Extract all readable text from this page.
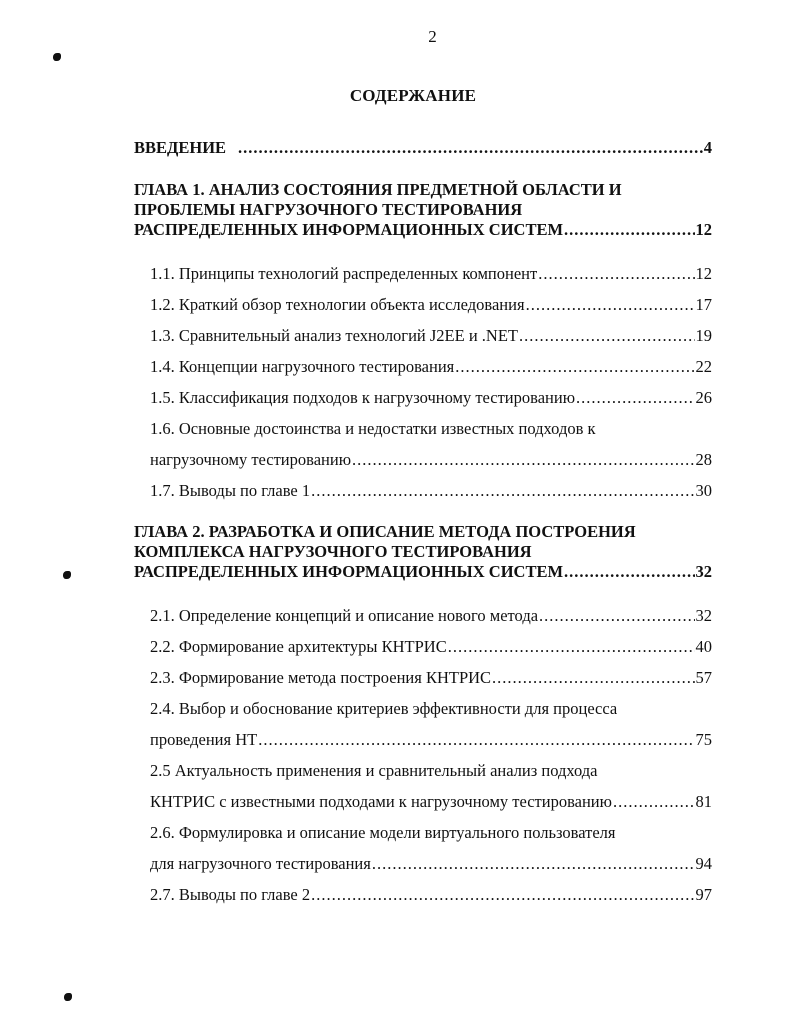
2
СОДЕРЖАНИЕ
ВВЕДЕНИЕ .....	4
ГЛАВА 1. АНАЛИЗ СОСТОЯНИЯ ПРЕДМЕТНОЙ ОБЛАСТИ И
ПРОБЛЕМЫ НАГРУЗОЧНОГО ТЕСТИРОВАНИЯ
РАСПРЕДЕЛЕННЫХ ИНФОРМАЦИОННЫХ СИСТЕМ .....	12
1.1. Принципы технологий распределенных компонент .....	12
1.2. Краткий обзор технологии объекта исследования .....	17
1.3. Сравнительный анализ технологий J2EE и .NET .....	19
1.4. Концепции нагрузочного тестирования .....	22
1.5. Классификация подходов к нагрузочному тестированию .....	26
1.6. Основные достоинства и недостатки известных подходов к
нагрузочному тестированию .....	28
1.7. Выводы по главе 1 .....	30
ГЛАВА 2. РАЗРАБОТКА И ОПИСАНИЕ МЕТОДА ПОСТРОЕНИЯ
КОМПЛЕКСА НАГРУЗОЧНОГО ТЕСТИРОВАНИЯ
РАСПРЕДЕЛЕННЫХ ИНФОРМАЦИОННЫХ СИСТЕМ .....	32
2.1. Определение концепций и описание нового метода .....	32
2.2. Формирование архитектуры КНТРИС .....	40
2.3. Формирование метода построения КНТРИС .....	57
2.4. Выбор и обоснование критериев эффективности для процесса
проведения НТ .....	75
2.5 Актуальность применения и сравнительный анализ подхода
КНТРИС с известными подходами к нагрузочному тестированию .....	81
2.6. Формулировка и описание модели виртуального пользователя
для нагрузочного тестирования .....	94
2.7. Выводы по главе 2 .....	97
